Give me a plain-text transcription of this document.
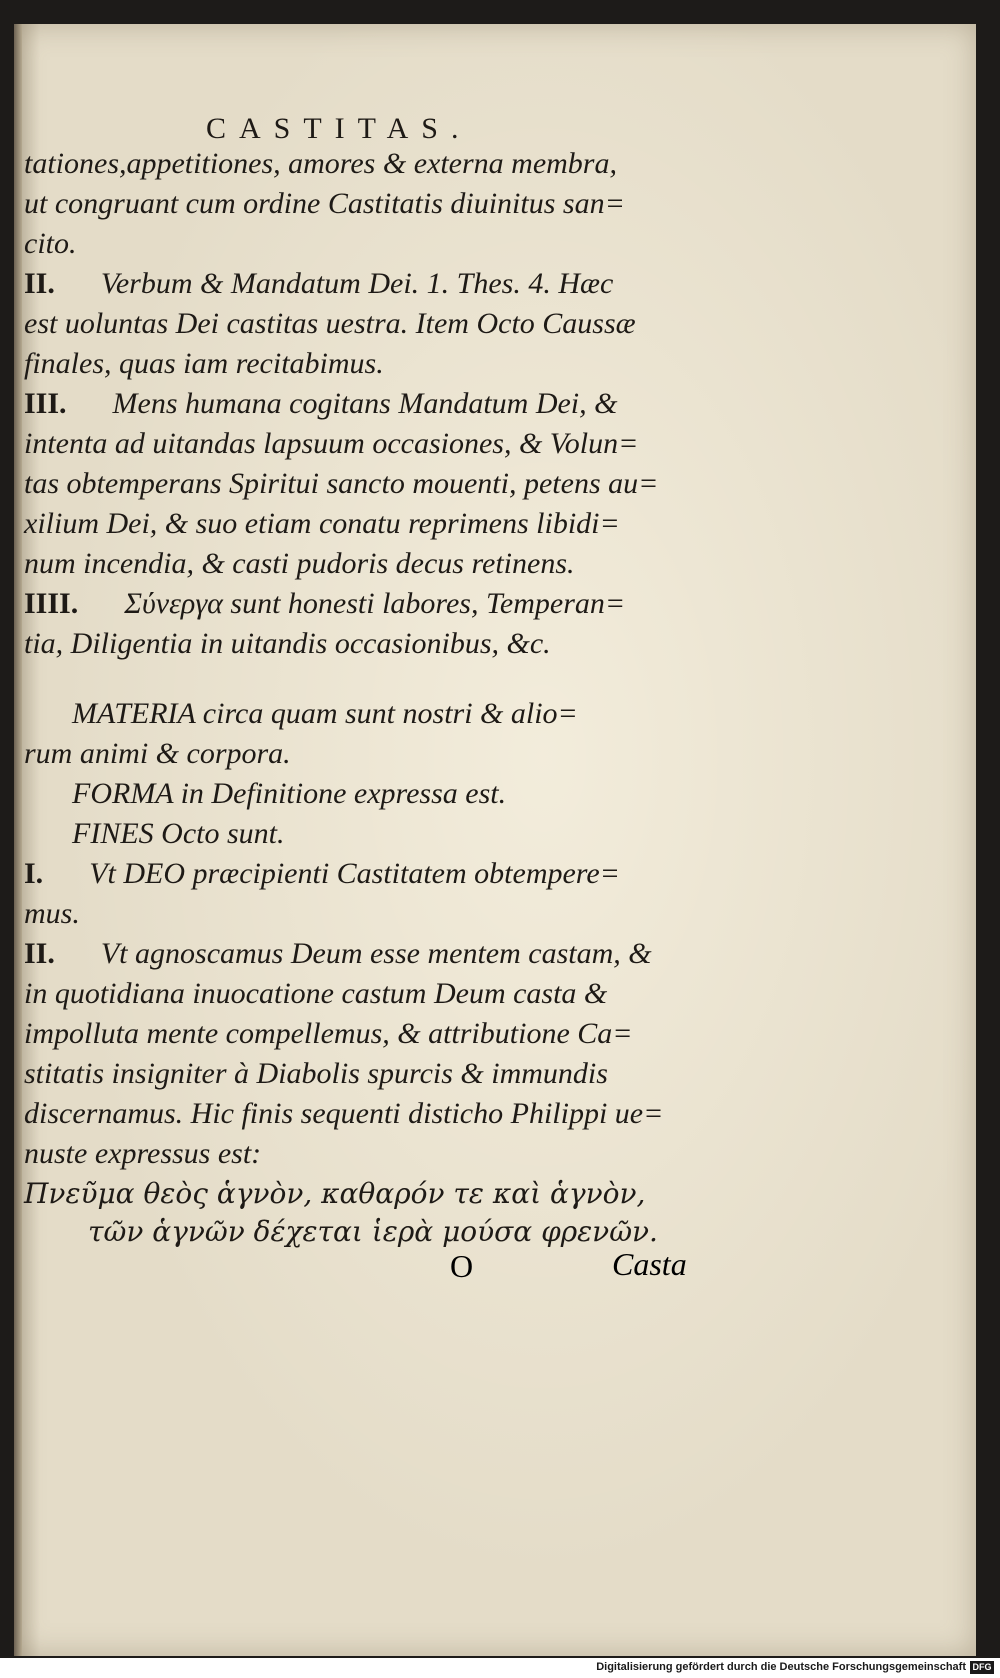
CASTITAS.
tationes,appetitiones, amores & externa membra,
ut congruant cum ordine Castitatis diuinitus san=
cito.
II. Verbum & Mandatum Dei. 1. Thes. 4. Hæc
est uoluntas Dei castitas uestra. Item Octo Caussæ
finales, quas iam recitabimus.
III. Mens humana cogitans Mandatum Dei, &
intenta ad uitandas lapsuum occasiones, & Volun=
tas obtemperans Spiritui sancto mouenti, petens au=
xilium Dei, & suo etiam conatu reprimens libidi=
num incendia, & casti pudoris decus retinens.
IIII. Σύνεργα sunt honesti labores, Temperan=
tia, Diligentia in uitandis occasionibus, &c.
MATERIA circa quam sunt nostri & alio=
rum animi & corpora.
FORMA in Definitione expressa est.
FINES Octo sunt.
I. Vt DEO præcipienti Castitatem obtempere=
mus.
II. Vt agnoscamus Deum esse mentem castam, &
in quotidiana inuocatione castum Deum casta &
impolluta mente compellemus, & attributione Ca=
stitatis insigniter à Diabolis spurcis & immundis
discernamus. Hic finis sequenti disticho Philippi ue=
nuste expressus est:
Πνεῦμα θεὸς ἁγνὸν, καθαρόν τε καὶ ἁγνὸν,
τῶν ἁγνῶν δέχεται ἱερὰ μούσα φρενῶν.
O	Casta
Digitalisierung gefördert durch die Deutsche Forschungsgemeinschaft DFG
